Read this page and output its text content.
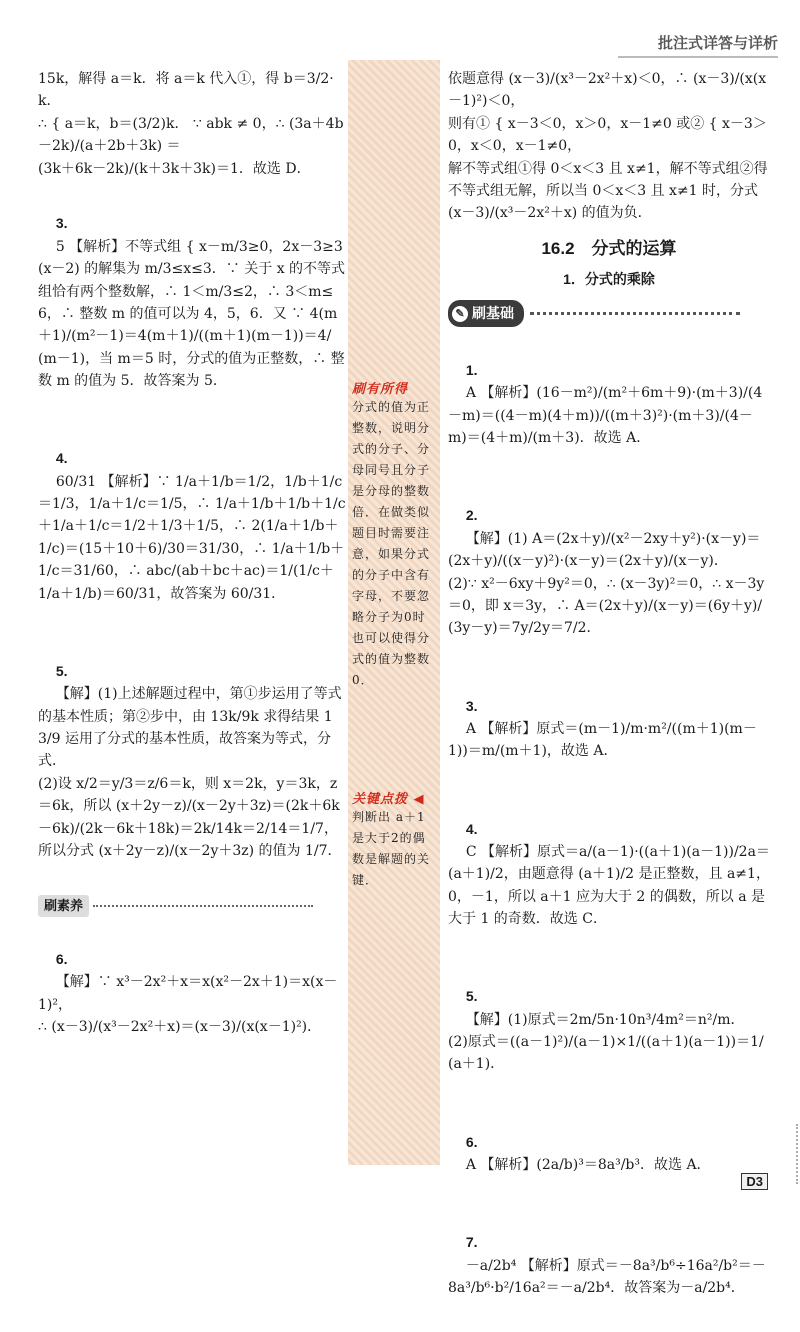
批注式详答与详析
15k，解得 a＝k．将 a＝k 代入①，得 b＝3/2·k．
∴ { a＝k，b＝(3/2)k． ∵ abk ≠ 0，∴ (3a＋4b－2k)/(a＋2b＋3k) ＝
(3k＋6k－2k)/(k＋3k＋3k)＝1．故选 D．

3.
5 【解析】不等式组 { x－m/3≥0，2x－3≥3(x－2) 的解集为 m/3≤x≤3．∵ 关于 x 的不等式组恰有两个整数解，∴ 1＜m/3≤2，∴ 3＜m≤6，∴ 整数 m 的值可以为 4，5，6．又 ∵ 4(m＋1)/(m²－1)＝4(m＋1)/((m＋1)(m－1))＝4/(m－1)，当 m＝5 时，分式的值为正整数，∴ 整数 m 的值为 5．故答案为 5．

4.
60/31 【解析】∵ 1/a＋1/b＝1/2，1/b＋1/c＝1/3，1/a＋1/c＝1/5，∴ 1/a＋1/b＋1/b＋1/c＋1/a＋1/c＝1/2＋1/3＋1/5，∴ 2(1/a＋1/b＋1/c)＝(15＋10＋6)/30＝31/30，∴ 1/a＋1/b＋1/c＝31/60，∴ abc/(ab＋bc＋ac)＝1/(1/c＋1/a＋1/b)＝60/31，故答案为 60/31．

5.
【解】(1)上述解题过程中，第①步运用了等式的基本性质；第②步中，由 13k/9k 求得结果 13/9 运用了分式的基本性质，故答案为等式，分式．
(2)设 x/2＝y/3＝z/6＝k，则 x＝2k，y＝3k，z＝6k，所以 (x＋2y－z)/(x－2y＋3z)＝(2k＋6k－6k)/(2k－6k＋18k)＝2k/14k＝2/14＝1/7，所以分式 (x＋2y－z)/(x－2y＋3z) 的值为 1/7．

刷素养

6.
【解】∵ x³－2x²＋x＝x(x²－2x＋1)＝x(x－1)²，
∴ (x－3)/(x³－2x²＋x)＝(x－3)/(x(x－1)²)．

刷有所得
分式的值为正整数，说明分式的分子、分母同号且分子是分母的整数倍．在做类似题目时需要注意，如果分式的分子中含有字母，不要忽略分子为0时也可以使得分式的值为整数0．
关键点拨 ◀
判断出 a＋1 是大于2的偶数是解题的关键．
依题意得 (x－3)/(x³－2x²＋x)＜0，∴ (x－3)/(x(x－1)²)＜0，
则有① { x－3＜0，x＞0，x－1≠0 或② { x－3＞0，x＜0，x－1≠0，
解不等式组①得 0＜x＜3 且 x≠1，解不等式组②得不等式组无解，所以当 0＜x＜3 且 x≠1 时，分式 (x－3)/(x³－2x²＋x) 的值为负．
16.2　分式的运算
1．分式的乘除
✎ 刷基础

1.
A 【解析】(16－m²)/(m²＋6m＋9)·(m＋3)/(4－m)＝((4－m)(4＋m))/((m＋3)²)·(m＋3)/(4－m)＝(4＋m)/(m＋3)．故选 A．

2.
【解】(1) A＝(2x＋y)/(x²－2xy＋y²)·(x－y)＝(2x＋y)/((x－y)²)·(x－y)＝(2x＋y)/(x－y)．
(2)∵ x²－6xy＋9y²＝0，∴ (x－3y)²＝0，∴ x－3y＝0，即 x＝3y，∴ A＝(2x＋y)/(x－y)＝(6y＋y)/(3y－y)＝7y/2y＝7/2．

3.
A 【解析】原式＝(m－1)/m·m²/((m＋1)(m－1))＝m/(m＋1)，故选 A．

4.
C 【解析】原式＝a/(a－1)·((a＋1)(a－1))/2a＝(a＋1)/2，由题意得 (a＋1)/2 是正整数，且 a≠1，0，－1，所以 a＋1 应为大于 2 的偶数，所以 a 是大于 1 的奇数．故选 C．

5.
【解】(1)原式＝2m/5n·10n³/4m²＝n²/m．
(2)原式＝((a－1)²)/(a－1)×1/((a＋1)(a－1))＝1/(a＋1)．

6.
A 【解析】(2a/b)³＝8a³/b³．故选 A．

7.
－a/2b⁴ 【解析】原式＝－8a³/b⁶÷16a²/b²＝－8a³/b⁶·b²/16a²＝－a/2b⁴．故答案为－a/2b⁴．

D3
